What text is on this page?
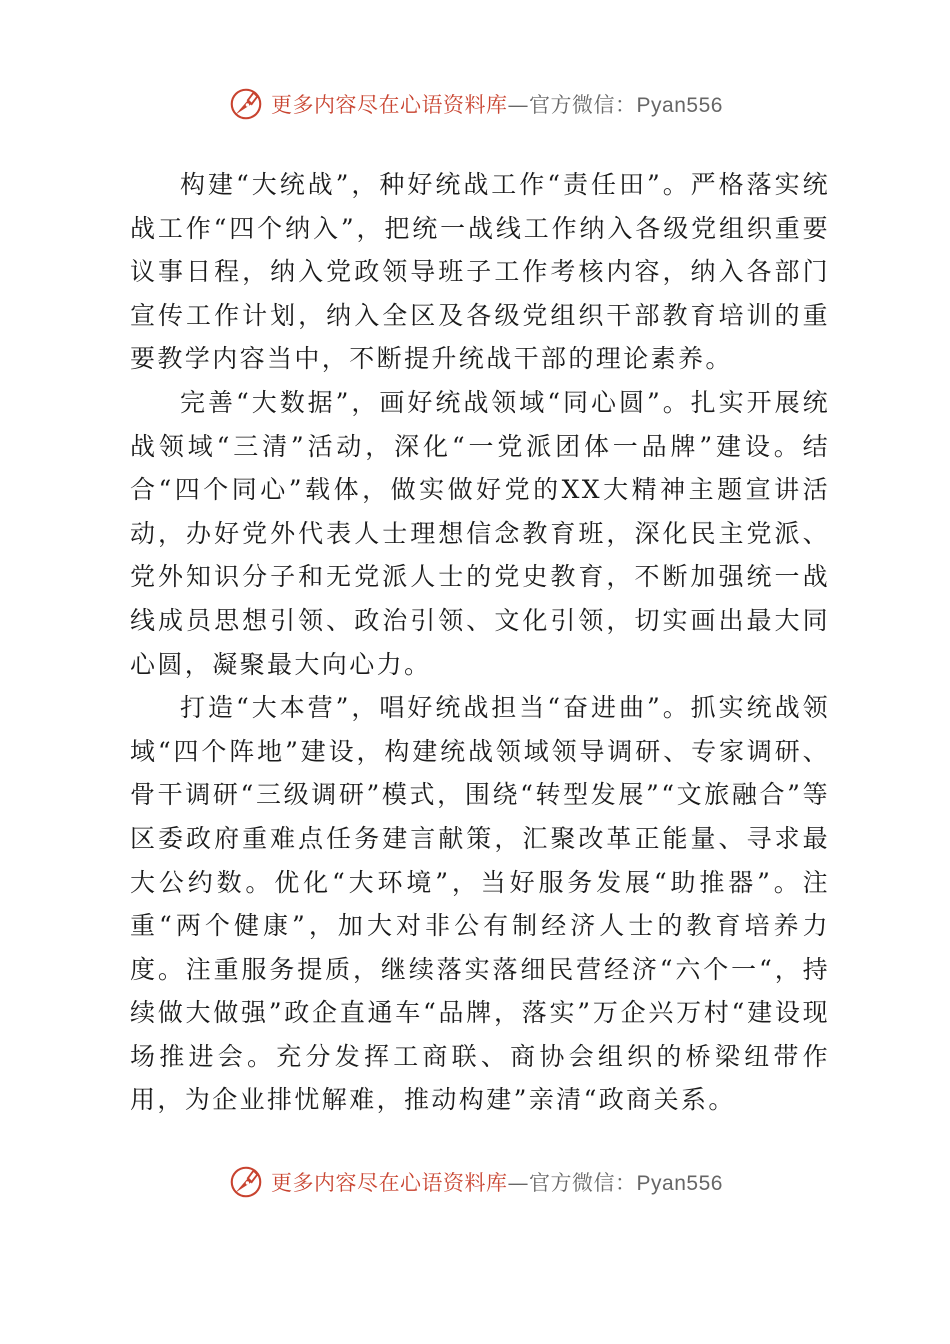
更多内容尽在心语资料库—官方微信：Pyan556

构建“大统战”，种好统战工作“责任田”。严格落实统战工作“四个纳入”，把统一战线工作纳入各级党组织重要议事日程，纳入党政领导班子工作考核内容，纳入各部门宣传工作计划，纳入全区及各级党组织干部教育培训的重要教学内容当中，不断提升统战干部的理论素养。

完善“大数据”，画好统战领域“同心圆”。扎实开展统战领域“三清”活动，深化“一党派团体一品牌”建设。结合“四个同心”载体，做实做好党的XX大精神主题宣讲活动，办好党外代表人士理想信念教育班，深化民主党派、党外知识分子和无党派人士的党史教育，不断加强统一战线成员思想引领、政治引领、文化引领，切实画出最大同心圆，凝聚最大向心力。

打造“大本营”，唱好统战担当“奋进曲”。抓实统战领域“四个阵地”建设，构建统战领域领导调研、专家调研、骨干调研“三级调研”模式，围绕“转型发展”“文旅融合”等区委政府重难点任务建言献策，汇聚改革正能量、寻求最大公约数。优化“大环境”，当好服务发展“助推器”。注重“两个健康”，加大对非公有制经济人士的教育培养力度。注重服务提质，继续落实落细民营经济“六个一“，持续做大做强”政企直通车“品牌，落实”万企兴万村“建设现场推进会。充分发挥工商联、商协会组织的桥梁纽带作用，为企业排忧解难，推动构建”亲清“政商关系。

更多内容尽在心语资料库—官方微信：Pyan556
